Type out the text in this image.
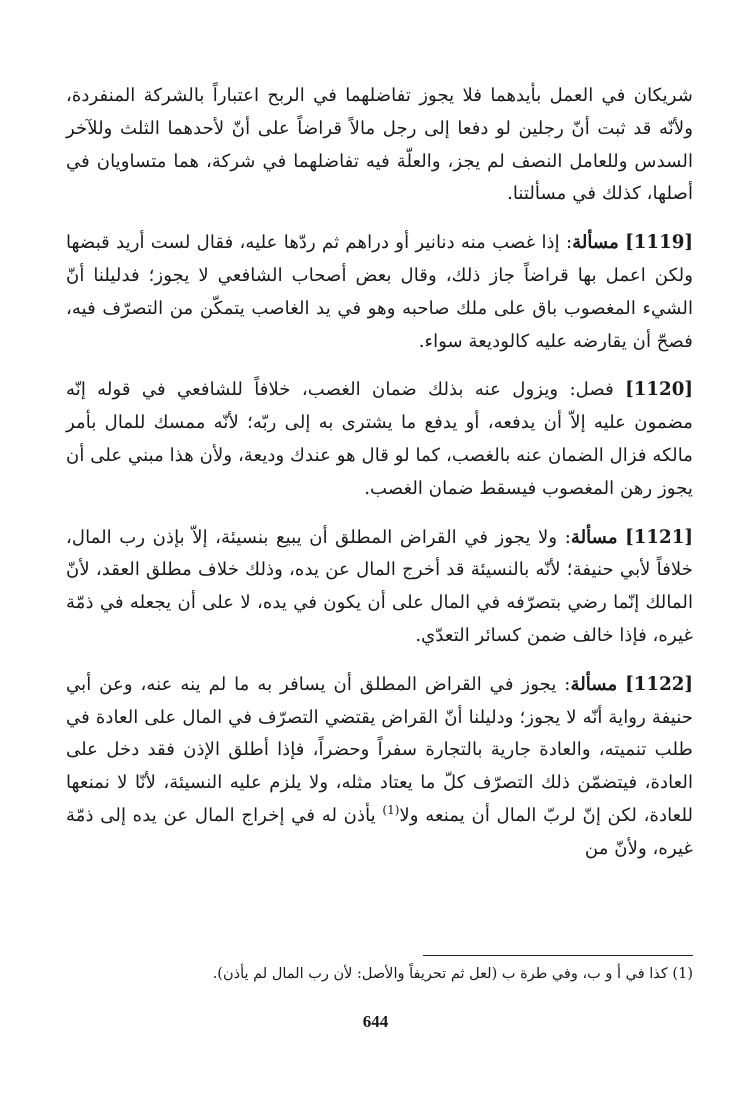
شريكان في العمل بأيدهما فلا يجوز تفاضلهما في الربح اعتباراً بالشركة المنفردة، ولأنّه قد ثبت أنّ رجلين لو دفعا إلى رجل مالاً قراضاً على أنّ لأحدهما الثلث وللآخر السدس وللعامل النصف لم يجز، والعلّة فيه تفاضلهما في شركة، هما متساويان في أصلها، كذلك في مسألتنا.

[1119] مسألة: إذا غصب منه دنانير أو دراهم ثم ردّها عليه، فقال لست أريد قبضها ولكن اعمل بها قراضاً جاز ذلك، وقال بعض أصحاب الشافعي لا يجوز؛ فدليلنا أنّ الشيء المغصوب باق على ملك صاحبه وهو في يد الغاصب يتمكّن من التصرّف فيه، فصحّ أن يقارضه عليه كالوديعة سواء.

[1120] فصل: ويزول عنه بذلك ضمان الغصب، خلافاً للشافعي في قوله إنّه مضمون عليه إلاّ أن يدفعه، أو يدفع ما يشترى به إلى ربّه؛ لأنّه ممسك للمال بأمر مالكه فزال الضمان عنه بالغصب، كما لو قال هو عندك وديعة، ولأن هذا مبني على أن يجوز رهن المغصوب فيسقط ضمان الغصب.

[1121] مسألة: ولا يجوز في القراض المطلق أن يبيع بنسيئة، إلاّ بإذن رب المال، خلافاً لأبي حنيفة؛ لأنّه بالنسيئة قد أخرج المال عن يده، وذلك خلاف مطلق العقد، لأنّ المالك إنّما رضي بتصرّفه في المال على أن يكون في يده، لا على أن يجعله في ذمّة غيره، فإذا خالف ضمن كسائر التعدّي.

[1122] مسألة: يجوز في القراض المطلق أن يسافر به ما لم ينه عنه، وعن أبي حنيفة رواية أنّه لا يجوز؛ ودليلنا أنّ القراض يقتضي التصرّف في المال على العادة في طلب تنميته، والعادة جارية بالتجارة سفراً وحضراً، فإذا أطلق الإذن فقد دخل على العادة، فيتضمّن ذلك التصرّف كلّ ما يعتاد مثله، ولا يلزم عليه النسيئة، لأنّا لا نمنعها للعادة، لكن إنّ لربّ المال أن يمنعه ولا$^{(1)}$ يأذن له في إخراج المال عن يده إلى ذمّة غيره، ولأنّ من

(1) كذا في أ و ب، وفي طرة ب (لعل ثم تحريفاً والأصل: لأن رب المال لم يأذن).
644
